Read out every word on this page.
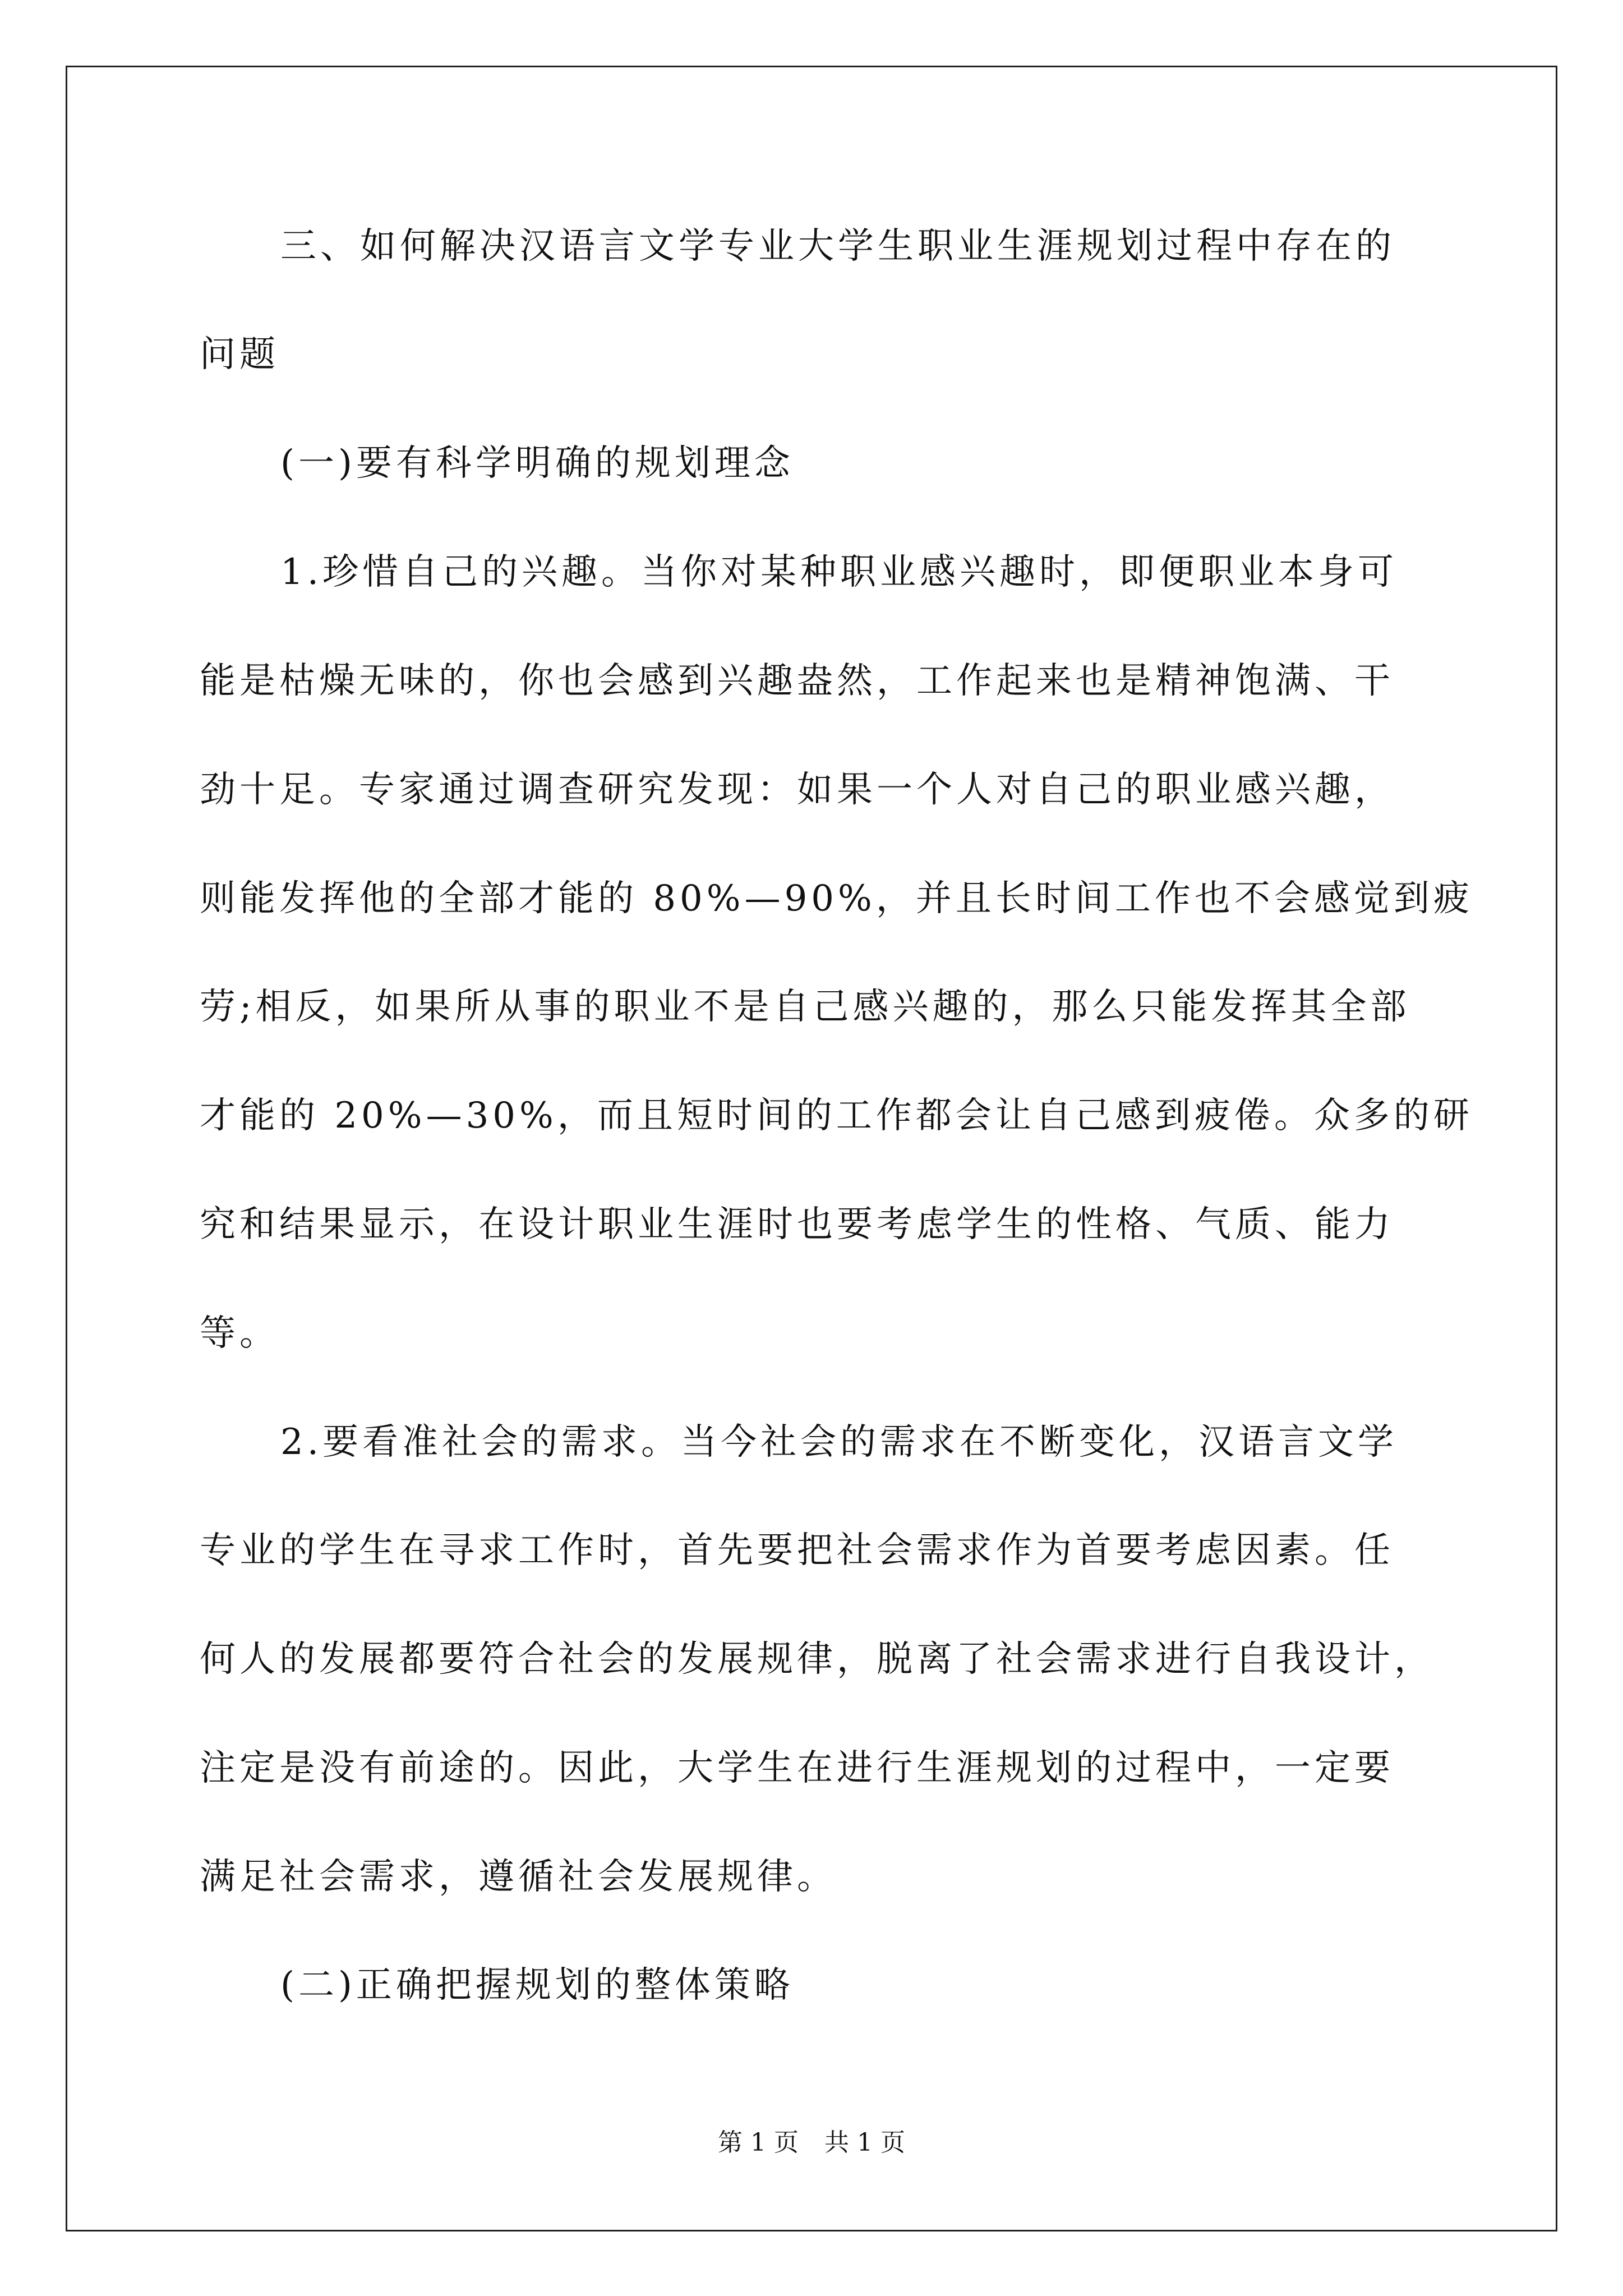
三、如何解决汉语言文学专业大学生职业生涯规划过程中存在的
问题
(一)要有科学明确的规划理念
1.珍惜自己的兴趣。当你对某种职业感兴趣时，即便职业本身可
能是枯燥无味的，你也会感到兴趣盎然，工作起来也是精神饱满、干
劲十足。专家通过调查研究发现：如果一个人对自己的职业感兴趣，
则能发挥他的全部才能的 80%—90%，并且长时间工作也不会感觉到疲
劳;相反，如果所从事的职业不是自己感兴趣的，那么只能发挥其全部
才能的 20%—30%，而且短时间的工作都会让自己感到疲倦。众多的研
究和结果显示，在设计职业生涯时也要考虑学生的性格、气质、能力
等。
2.要看准社会的需求。当今社会的需求在不断变化，汉语言文学
专业的学生在寻求工作时，首先要把社会需求作为首要考虑因素。任
何人的发展都要符合社会的发展规律，脱离了社会需求进行自我设计，
注定是没有前途的。因此，大学生在进行生涯规划的过程中，一定要
满足社会需求，遵循社会发展规律。
(二)正确把握规划的整体策略
第 1 页 共 1 页
